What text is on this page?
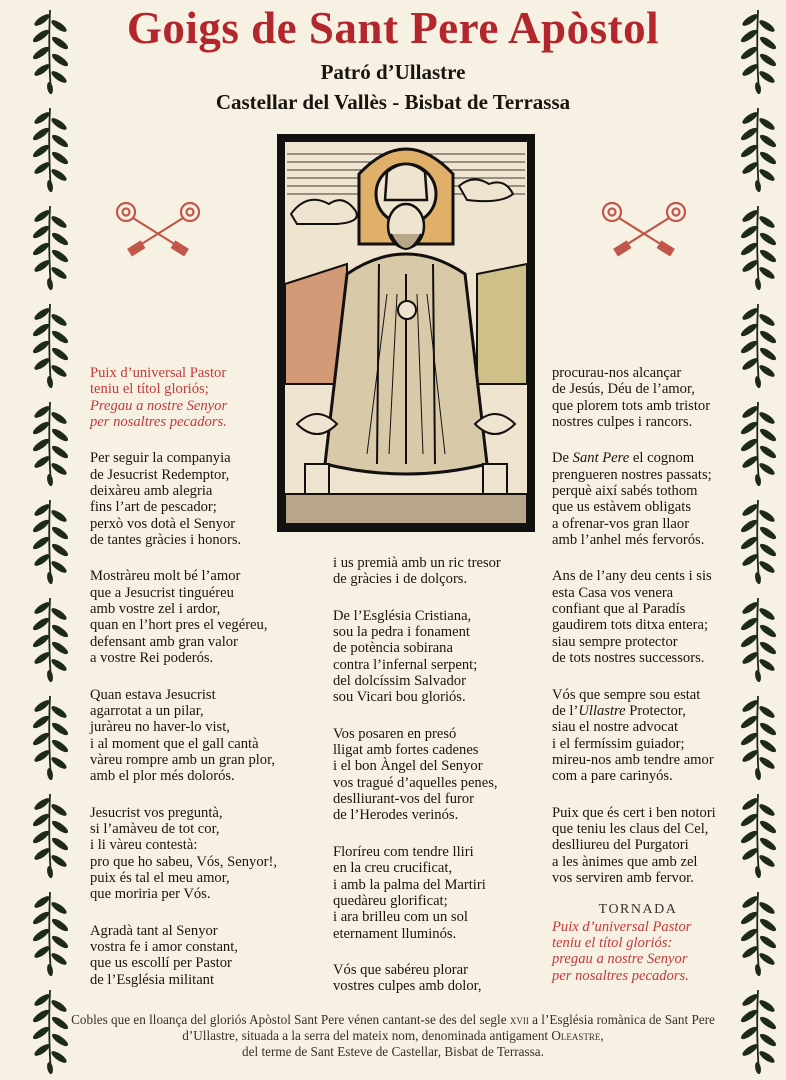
Goigs de Sant Pere Apòstol
Patró d’Ullastre
Castellar del Vallès - Bisbat de Terrassa
Puix d’universal Pastor
teniu el títol gloriós;
Pregau a nostre Senyor
per nosaltres pecadors.
Per seguir la companyia
de Jesucrist Redemptor,
deixàreu amb alegria
fins l’art de pescador;
perxò vos dotà el Senyor
de tantes gràcies i honors.
Mostràreu molt bé l’amor
que a Jesucrist tinguéreu
amb vostre zel i ardor,
quan en l’hort pres el vegéreu,
defensant amb gran valor
a vostre Rei poderós.
Quan estava Jesucrist
agarrotat a un pilar,
juràreu no haver-lo vist,
i al moment que el gall cantà
vàreu rompre amb un gran plor,
amb el plor més dolorós.
Jesucrist vos preguntà,
si l’amàveu de tot cor,
i li vàreu contestà:
pro que ho sabeu, Vós, Senyor!,
puix és tal el meu amor,
que moriria per Vós.
Agradà tant al Senyor
vostra fe i amor constant,
que us escollí per Pastor
de l’Església militant
i us premià amb un ric tresor
de gràcies i de dolçors.
De l’Església Cristiana,
sou la pedra i fonament
de potència sobirana
contra l’infernal serpent;
del dolcíssim Salvador
sou Vicari bou gloriós.
Vos posaren en presó
lligat amb fortes cadenes
i el bon Àngel del Senyor
vos tragué d’aquelles penes,
deslliurant-vos del furor
de l’Herodes verinós.
Floríreu com tendre lliri
en la creu crucificat,
i amb la palma del Martiri
quedàreu glorificat;
i ara brilleu com un sol
eternament lluminós.
Vós que sabéreu plorar
vostres culpes amb dolor,
procurau-nos alcançar
de Jesús, Déu de l’amor,
que plorem tots amb tristor
nostres culpes i rancors.
De Sant Pere el cognom
prengueren nostres passats;
perquè així sabés tothom
que us estàvem obligats
a ofrenar-vos gran llaor
amb l’anhel més fervorós.
Ans de l’any deu cents i sis
esta Casa vos venera
confiant que al Paradís
gaudirem tots ditxa entera;
siau sempre protector
de tots nostres successors.
Vós que sempre sou estat
de l’Ullastre Protector,
siau el nostre advocat
i el fermíssim guiador;
mireu-nos amb tendre amor
com a pare carinyós.
Puix que és cert i ben notori
que teniu les claus del Cel,
deslliureu del Purgatori
a les ànimes que amb zel
vos serviren amb fervor.
TORNADA
Puix d’universal Pastor
teniu el títol gloriós:
pregau a nostre Senyor
per nosaltres pecadors.
Cobles que en lloança del gloriós Apòstol Sant Pere vénen cantant-se des del segle xvii a l’Església romànica de Sant Pere d’Ullastre, situada a la serra del mateix nom, denominada antigament Oleastre,
del terme de Sant Esteve de Castellar, Bisbat de Terrassa.
